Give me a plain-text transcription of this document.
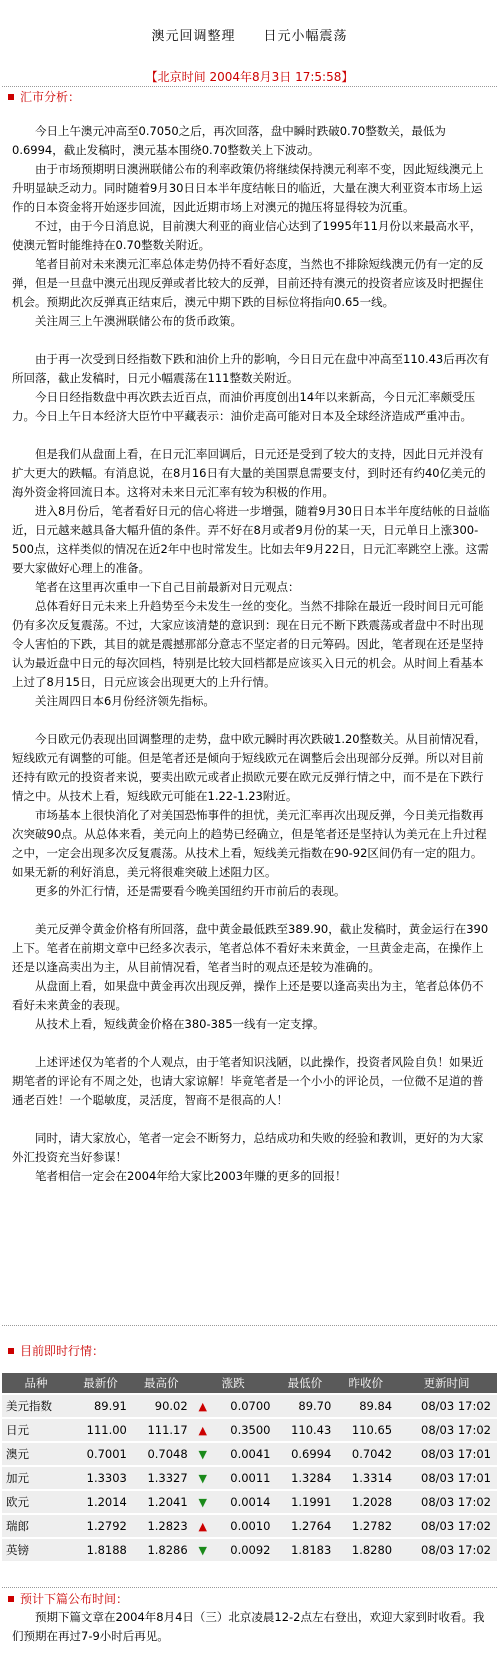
澳元回调整理　　日元小幅震荡
【北京时间 2004年8月3日 17:5:58】
汇市分析：

今日上午澳元冲高至0.7050之后，再次回落，盘中瞬时跌破0.70整数关，最低为0.6994，截止发稿时，澳元基本围绕0.70整数关上下波动。

由于市场预期明日澳洲联储公布的利率政策仍将继续保持澳元利率不变，因此短线澳元上升明显缺乏动力。同时随着9月30日日本半年度结帐日的临近，大量在澳大利亚资本市场上运作的日本资金将开始逐步回流，因此近期市场上对澳元的抛压将显得较为沉重。

不过，由于今日消息说，目前澳大利亚的商业信心达到了1995年11月份以来最高水平，使澳元暂时能维持在0.70整数关附近。

笔者目前对未来澳元汇率总体走势仍持不看好态度，当然也不排除短线澳元仍有一定的反弹，但是一旦盘中澳元出现反弹或者比较大的反弹，目前还持有澳元的投资者应该及时把握住机会。预期此次反弹真正结束后，澳元中期下跌的目标位将指向0.65一线。

关注周三上午澳洲联储公布的货币政策。

由于再一次受到日经指数下跌和油价上升的影响，今日日元在盘中冲高至110.43后再次有所回落，截止发稿时，日元小幅震荡在111整数关附近。

今日日经指数盘中再次跌去近百点，而油价再度创出14年以来新高，今日元汇率颇受压力。今日上午日本经济大臣竹中平藏表示：油价走高可能对日本及全球经济造成严重冲击。

但是我们从盘面上看，在日元汇率回调后，日元还是受到了较大的支持，因此日元并没有扩大更大的跌幅。有消息说，在8月16日有大量的美国票息需要支付，到时还有约40亿美元的海外资金将回流日本。这将对未来日元汇率有较为积极的作用。

进入8月份后，笔者看好日元的信心将进一步增强，随着9月30日日本半年度结帐的日益临近，日元越来越具备大幅升值的条件。弄不好在8月或者9月份的某一天，日元单日上涨300-500点，这样类似的情况在近2年中也时常发生。比如去年9月22日，日元汇率跳空上涨。这需要大家做好心理上的准备。

笔者在这里再次重申一下自己目前最新对日元观点：

总体看好日元未来上升趋势至今未发生一丝的变化。当然不排除在最近一段时间日元可能仍有多次反复震荡。不过，大家应该清楚的意识到：现在日元不断下跌震荡或者盘中不时出现令人害怕的下跌，其目的就是震撼那部分意志不坚定者的日元筹码。因此，笔者现在还是坚持认为最近盘中日元的每次回档，特别是比较大回档都是应该买入日元的机会。从时间上看基本上过了8月15日，日元应该会出现更大的上升行情。

关注周四日本6月份经济领先指标。

今日欧元仍表现出回调整理的走势，盘中欧元瞬时再次跌破1.20整数关。从目前情况看，短线欧元有调整的可能。但是笔者还是倾向于短线欧元在调整后会出现部分反弹。所以对目前还持有欧元的投资者来说，要卖出欧元或者止损欧元要在欧元反弹行情之中，而不是在下跌行情之中。从技术上看，短线欧元可能在1.22-1.23附近。

市场基本上很快消化了对美国恐怖事件的担忧，美元汇率再次出现反弹，今日美元指数再次突破90点。从总体来看，美元向上的趋势已经确立，但是笔者还是坚持认为美元在上升过程之中，一定会出现多次反复震荡。从技术上看，短线美元指数在90-92区间仍有一定的阻力。如果无新的利好消息，美元将很难突破上述阻力区。

更多的外汇行情，还是需要看今晚美国纽约开市前后的表现。

美元反弹令黄金价格有所回落，盘中黄金最低跌至389.90，截止发稿时，黄金运行在390上下。笔者在前期文章中已经多次表示，笔者总体不看好未来黄金，一旦黄金走高，在操作上还是以逢高卖出为主，从目前情况看，笔者当时的观点还是较为准确的。

从盘面上看，如果盘中黄金再次出现反弹，操作上还是要以逢高卖出为主，笔者总体仍不看好未来黄金的表现。

从技术上看，短线黄金价格在380-385一线有一定支撑。

上述评述仅为笔者的个人观点，由于笔者知识浅陋，以此操作，投资者风险自负！如果近期笔者的评论有不周之处，也请大家谅解！毕竟笔者是一个小小的评论员，一位微不足道的普通老百姓！一个聪敏度，灵活度，智商不是很高的人！

同时，请大家放心，笔者一定会不断努力，总结成功和失败的经验和教训，更好的为大家外汇投资充当好参谋！

笔者相信一定会在2004年给大家比2003年赚的更多的回报！

目前即时行情：
品种	最新价	最高价	涨跌		最低价	昨收价	更新时间
美元指数	89.91	90.02	▲	0.0700	89.70	89.84	08/03 17:02
日元	111.00	111.17	▲	0.3500	110.43	110.65	08/03 17:02
澳元	0.7001	0.7048	▼	0.0041	0.6994	0.7042	08/03 17:01
加元	1.3303	1.3327	▼	0.0011	1.3284	1.3314	08/03 17:01
欧元	1.2014	1.2041	▼	0.0014	1.1991	1.2028	08/03 17:02
瑞郎	1.2792	1.2823	▲	0.0010	1.2764	1.2782	08/03 17:02
英镑	1.8188	1.8286	▼	0.0092	1.8183	1.8280	08/03 17:02
预计下篇公布时间：

预期下篇文章在2004年8月4日（三）北京凌晨12-2点左右登出，欢迎大家到时收看。我们预期在再过7-9小时后再见。
